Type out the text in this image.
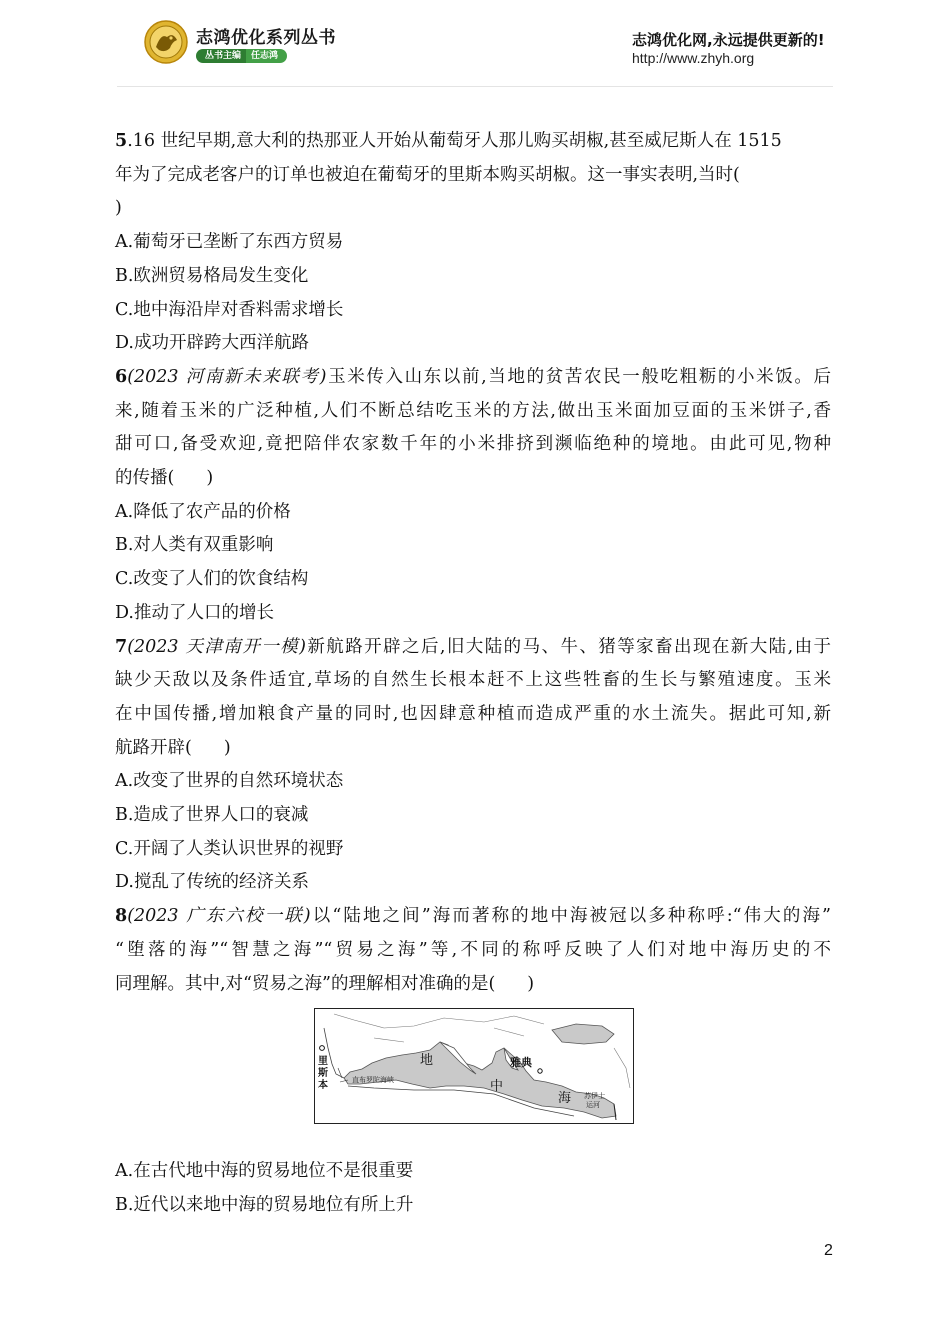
志鸿优化系列丛书
丛书主编	任志鸿
志鸿优化网,永远提供更新的!
http://www.zhyh.org
5.16 世纪早期,意大利的热那亚人开始从葡萄牙人那儿购买胡椒,甚至威尼斯人在 1515
年为了完成老客户的订单也被迫在葡萄牙的里斯本购买胡椒。这一事实表明,当时(
)
A.葡萄牙已垄断了东西方贸易
B.欧洲贸易格局发生变化
C.地中海沿岸对香料需求增长
D.成功开辟跨大西洋航路
6(2023 河南新未来联考)玉米传入山东以前,当地的贫苦农民一般吃粗粝的小米饭。后
来,随着玉米的广泛种植,人们不断总结吃玉米的方法,做出玉米面加豆面的玉米饼子,香
甜可口,备受欢迎,竟把陪伴农家数千年的小米排挤到濒临绝种的境地。由此可见,物种
的传播( )
A.降低了农产品的价格
B.对人类有双重影响
C.改变了人们的饮食结构
D.推动了人口的增长
7(2023 天津南开一模)新航路开辟之后,旧大陆的马、牛、猪等家畜出现在新大陆,由于
缺少天敌以及条件适宜,草场的自然生长根本赶不上这些牲畜的生长与繁殖速度。玉米
在中国传播,增加粮食产量的同时,也因肆意种植而造成严重的水土流失。据此可知,新
航路开辟( )
A.改变了世界的自然环境状态
B.造成了世界人口的衰减
C.开阔了人类认识世界的视野
D.搅乱了传统的经济关系
8(2023 广东六校一联)以“陆地之间”海而著称的地中海被冠以多种称呼:“伟大的海”
“堕落的海”“智慧之海”“贸易之海”等,不同的称呼反映了人们对地中海历史的不
同理解。其中,对“贸易之海”的理解相对准确的是( )
里斯本	直布罗陀海峡
地
中
海
雅典
苏伊士运河
A.在古代地中海的贸易地位不是很重要
B.近代以来地中海的贸易地位有所上升
2
